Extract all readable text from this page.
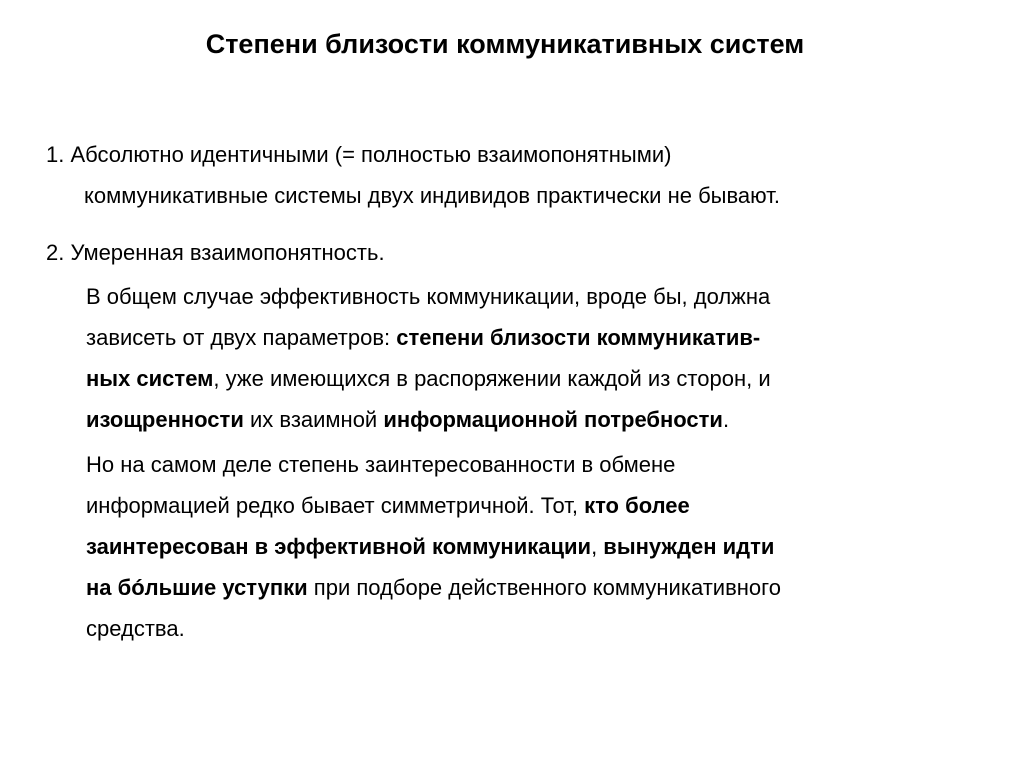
Степени близости коммуникативных систем
1. Абсолютно идентичными (= полностью взаимопонятными)
коммуникативные системы двух индивидов практически не бывают.
2. Умеренная взаимопонятность.
В общем случае эффективность коммуникации, вроде бы, должна
зависеть от двух параметров: степени близости коммуникатив-
ных систем, уже имеющихся в распоряжении каждой из сторон, и
изощренности их взаимной информационной потребности.
Но на самом деле степень заинтересованности в обмене
информацией редко бывает симметричной. Тот, кто более
заинтересован в эффективной коммуникации, вынужден идти
на бóльшие уступки при подборе действенного коммуникативного
средства.
